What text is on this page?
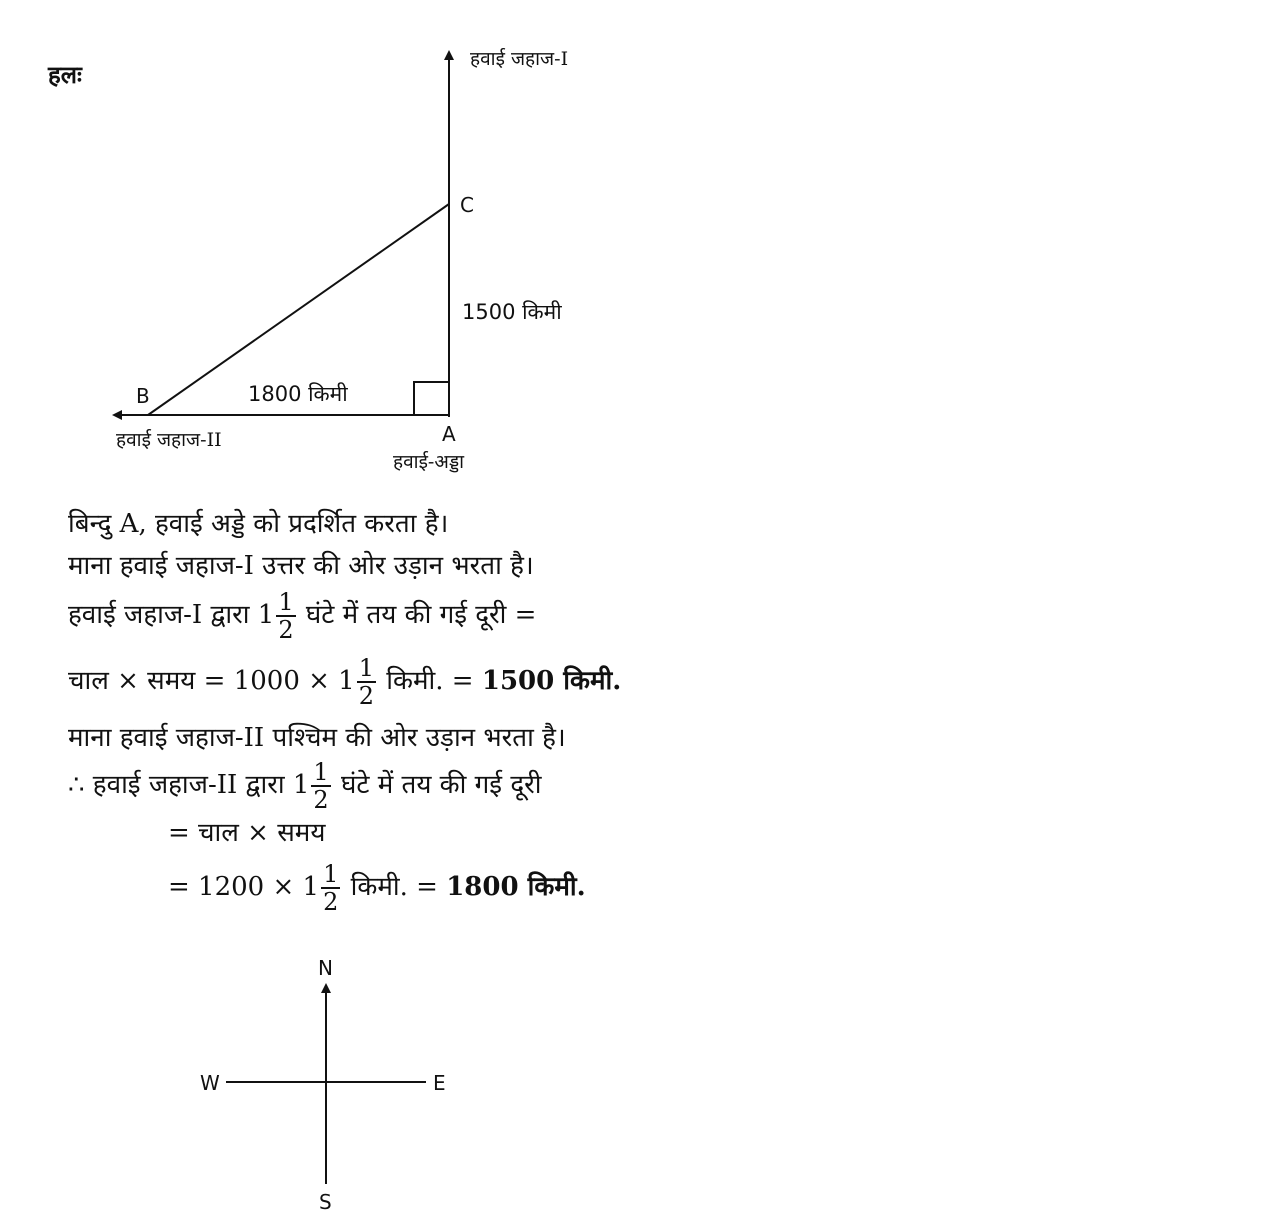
हलः
हवाई जहाज-I
C
1500 किमी
B	1800 किमी
हवाई जहाज-II	A
हवाई-अड्डा
बिन्दु A, हवाई अड्डे को प्रदर्शित करता है।
माना हवाई जहाज-I उत्तर की ओर उड़ान भरता है।
हवाई जहाज-I द्वारा $1 \frac{1}{2}$ घंटे में तय की गई दूरी =
चाल × समय = $1000 \times 1 \frac{1}{2}$ किमी. = 1500 किमी.
माना हवाई जहाज-II पश्चिम की ओर उड़ान भरता है।
∴ हवाई जहाज-II द्वारा $1 \frac{1}{2}$ घंटे में तय की गई दूरी
= चाल × समय
= $1200 \times 1 \frac{1}{2}$ किमी. = 1800 किमी.
N
W	E
S
